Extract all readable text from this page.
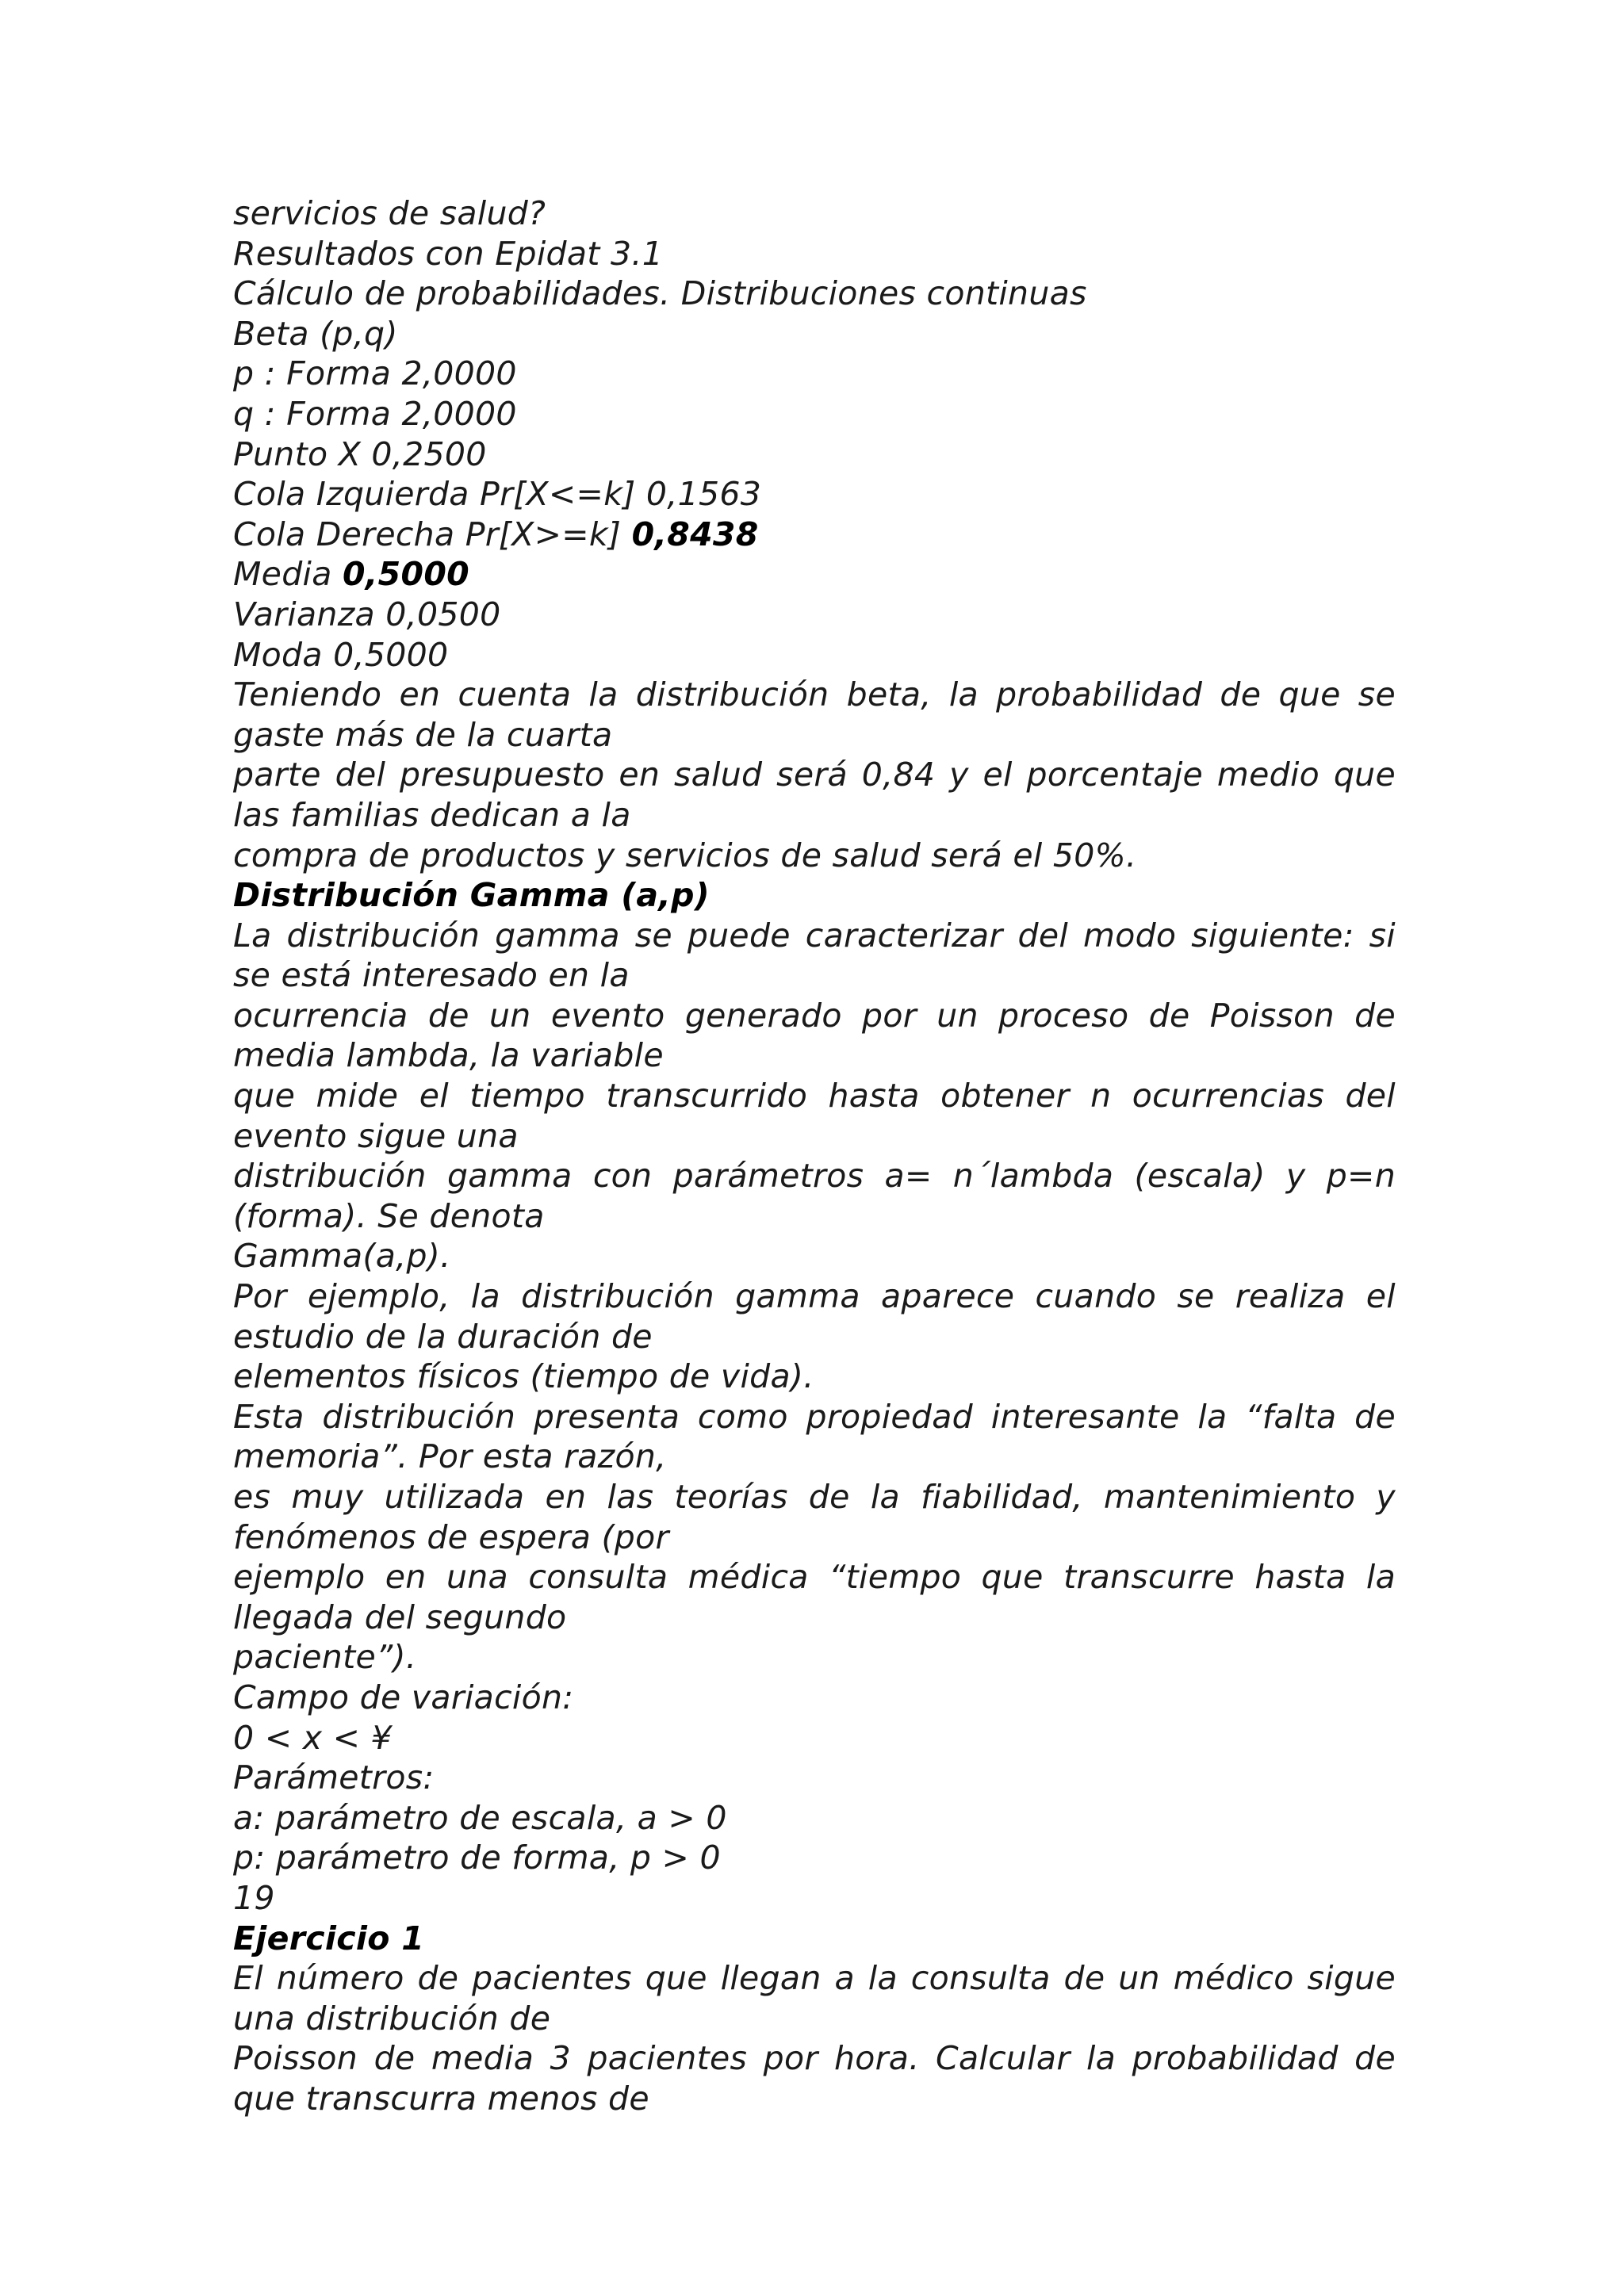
servicios de salud?
Resultados con Epidat 3.1
Cálculo de probabilidades. Distribuciones continuas
Beta (p,q)
p : Forma 2,0000
q : Forma 2,0000
Punto X 0,2500
Cola Izquierda Pr[X<=k] 0,1563
Cola Derecha Pr[X>=k] 0,8438
Media 0,5000
Varianza 0,0500
Moda 0,5000
Teniendo en cuenta la distribución beta, la probabilidad de que se
gaste más de la cuarta
parte del presupuesto en salud será 0,84 y el porcentaje medio que
las familias dedican a la
compra de productos y servicios de salud será el 50%.
Distribución Gamma (a,p)
La distribución gamma se puede caracterizar del modo siguiente: si
se está interesado en la
ocurrencia de un evento generado por un proceso de Poisson de
media lambda, la variable
que mide el tiempo transcurrido hasta obtener n ocurrencias del
evento sigue una
distribución gamma con parámetros a= n´lambda (escala) y p=n
(forma). Se denota
Gamma(a,p).
Por ejemplo, la distribución gamma aparece cuando se realiza el
estudio de la duración de
elementos físicos (tiempo de vida).
Esta distribución presenta como propiedad interesante la “falta de
memoria”. Por esta razón,
es muy utilizada en las teorías de la fiabilidad, mantenimiento y
fenómenos de espera (por
ejemplo en una consulta médica “tiempo que transcurre hasta la
llegada del segundo
paciente”).
Campo de variación:
0 < x < ¥
Parámetros:
a: parámetro de escala, a > 0
p: parámetro de forma, p > 0
19
Ejercicio 1
El número de pacientes que llegan a la consulta de un médico sigue
una distribución de
Poisson de media 3 pacientes por hora. Calcular la probabilidad de
que transcurra menos de
